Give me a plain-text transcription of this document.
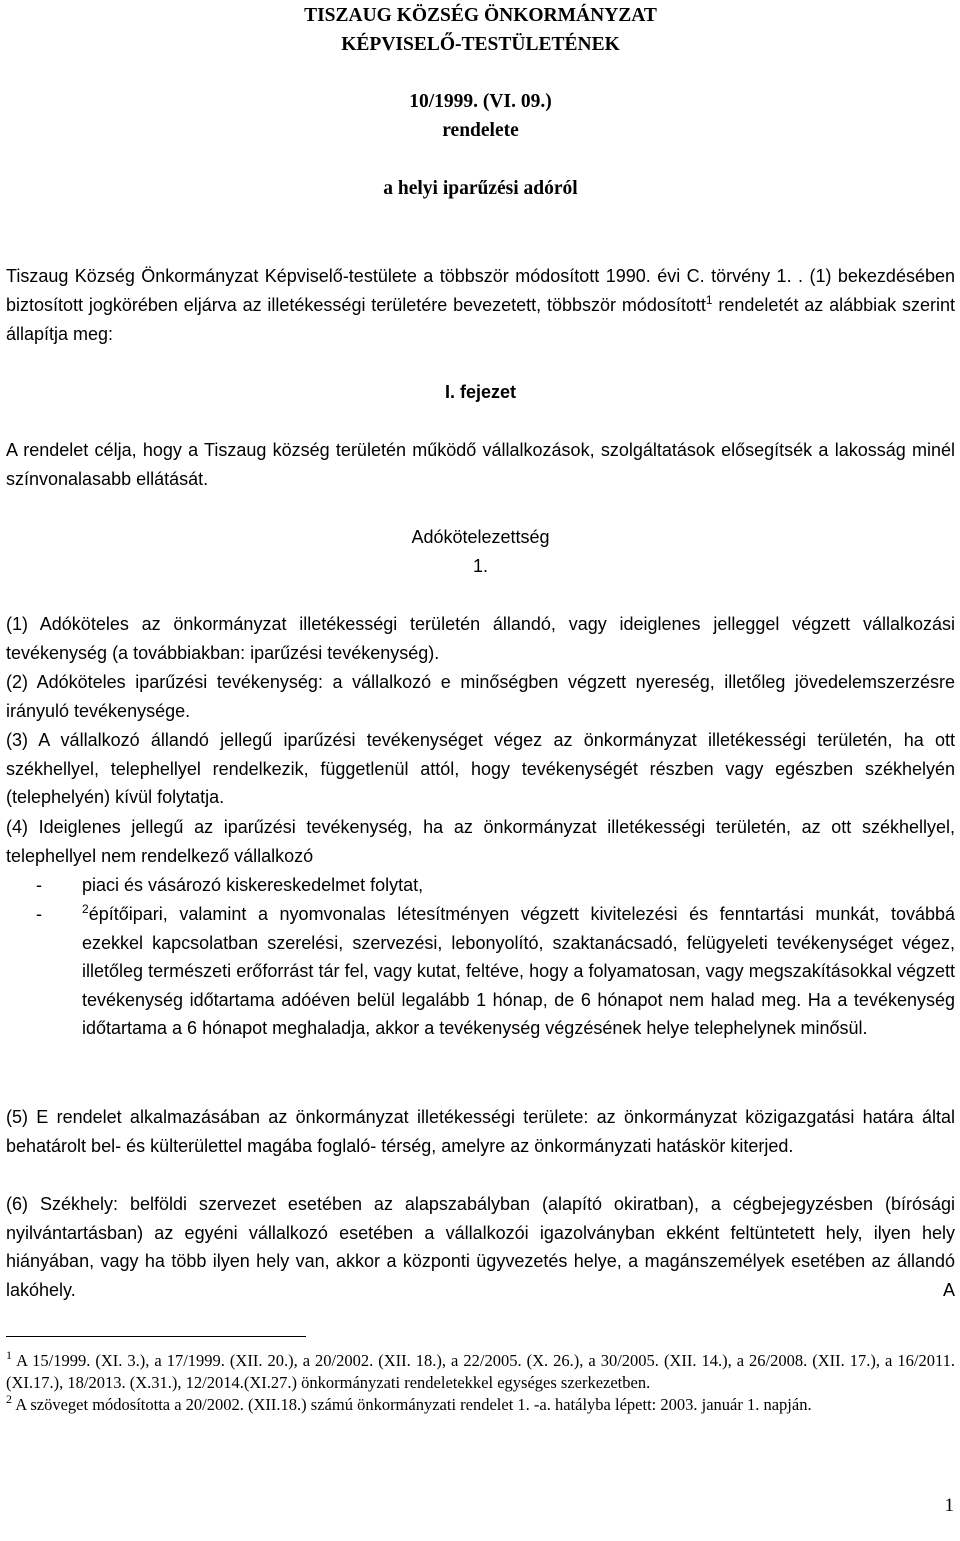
TISZAUG KÖZSÉG ÖNKORMÁNYZAT

KÉPVISELŐ-TESTÜLETÉNEK

10/1999. (VI. 09.)

rendelete

a helyi iparűzési adóról

Tiszaug Község Önkormányzat Képviselő-testülete a többször módosított 1990. évi C. törvény 1. . (1) bekezdésében biztosított jogkörében eljárva az illetékességi területére bevezetett, többször módosított$^1$ rendeletét az alábbiak szerint állapítja meg:

I. fejezet

A rendelet célja, hogy a Tiszaug község területén működő vállalkozások, szolgáltatások elősegítsék a lakosság minél színvonalasabb ellátását.

Adókötelezettség

1.

(1) Adóköteles az önkormányzat illetékességi területén állandó, vagy ideiglenes jelleggel végzett vállalkozási tevékenység (a továbbiakban: iparűzési tevékenység).

(2) Adóköteles iparűzési tevékenység: a vállalkozó e minőségben végzett nyereség, illetőleg jövedelemszerzésre irányuló tevékenysége.

(3) A vállalkozó állandó jellegű iparűzési tevékenységet végez az önkormányzat illetékességi területén, ha ott székhellyel, telephellyel rendelkezik, függetlenül attól, hogy tevékenységét részben vagy egészben székhelyén (telephelyén) kívül folytatja.

(4) Ideiglenes jellegű az iparűzési tevékenység, ha az önkormányzat illetékességi területén, az ott székhellyel, telephellyel nem rendelkező vállalkozó

- piaci és vásározó kiskereskedelmet folytat,
-	$^2$építőipari, valamint a nyomvonalas létesítményen végzett kivitelezési és fenntartási munkát, továbbá ezekkel kapcsolatban szerelési, szervezési, lebonyolító, szaktanácsadó, felügyeleti tevékenységet végez, illetőleg természeti erőforrást tár fel, vagy kutat, feltéve, hogy a folyamatosan, vagy megszakításokkal végzett tevékenység időtartama adóéven belül legalább 1 hónap, de 6 hónapot nem halad meg. Ha a tevékenység időtartama a 6 hónapot meghaladja, akkor a tevékenység végzésének helye telephelynek minősül.

(5) E rendelet alkalmazásában az önkormányzat illetékességi területe: az önkormányzat közigazgatási határa által behatárolt bel- és külterülettel magába foglaló- térség, amelyre az önkormányzati hatáskör kiterjed.

(6) Székhely: belföldi szervezet esetében az alapszabályban (alapító okiratban), a cégbejegyzésben (bírósági nyilvántartásban) az egyéni vállalkozó esetében a vállalkozói igazolványban ekként feltüntetett hely, ilyen hely hiányában, vagy ha több ilyen hely van, akkor a központi ügyvezetés helye, a magánszemélyek esetében az állandó lakóhely. A

$^1$ A 15/1999. (XI. 3.), a 17/1999. (XII. 20.), a 20/2002. (XII. 18.), a 22/2005. (X. 26.), a 30/2005. (XII. 14.), a 26/2008. (XII. 17.), a 16/2011. (XI.17.), 18/2013. (X.31.), 12/2014.(XI.27.) önkormányzati rendeletekkel egységes szerkezetben.

$^2$ A szöveget módosította a 20/2002. (XII.18.) számú önkormányzati rendelet 1. -a. hatályba lépett: 2003. január 1. napján.

1
